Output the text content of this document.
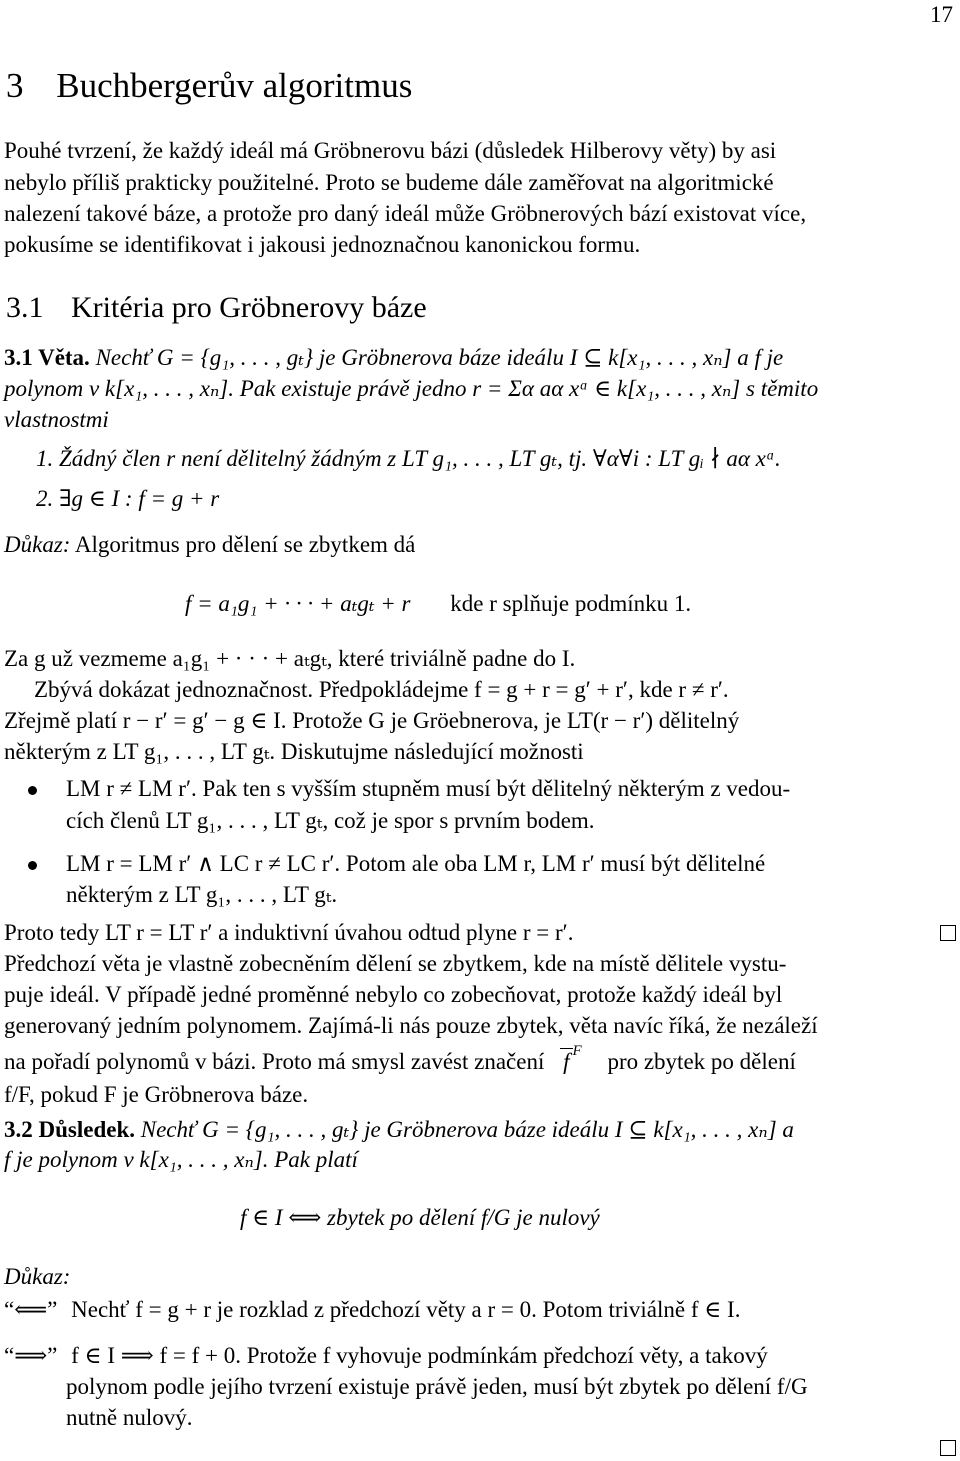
17
3 Buchbergerův algoritmus
Pouhé tvrzení, že každý ideál má Gröbnerovu bázi (důsledek Hilberovy věty) by asi
nebylo příliš prakticky použitelné. Proto se budeme dále zaměřovat na algoritmické
nalezení takové báze, a protože pro daný ideál může Gröbnerových bází existovat více,
pokusíme se identifikovat i jakousi jednoznačnou kanonickou formu.
3.1 Kritéria pro Gröbnerovy báze
3.1 Věta. Nechť G = {g₁, . . . , gₜ} je Gröbnerova báze ideálu I ⊆ k[x₁, . . . , xₙ] a f je
polynom v k[x₁, . . . , xₙ]. Pak existuje právě jedno r = Σα aα xᵅ ∈ k[x₁, . . . , xₙ] s těmito
vlastnostmi
1. Žádný člen r není dělitelný žádným z LT g₁, . . . , LT gₜ, tj. ∀α∀i : LT gᵢ ∤ aα xᵅ.
2. ∃g ∈ I : f = g + r
Důkaz: Algoritmus pro dělení se zbytkem dá
f = a₁g₁ + · · · + aₜgₜ + r kde r splňuje podmínku 1.
Za g už vezmeme a₁g₁ + · · · + aₜgₜ, které triviálně padne do I.
Zbývá dokázat jednoznačnost. Předpokládejme f = g + r = g′ + r′, kde r ≠ r′.
Zřejmě platí r − r′ = g′ − g ∈ I. Protože G je Gröebnerova, je LT(r − r′) dělitelný
některým z LT g₁, . . . , LT gₜ. Diskutujme následující možnosti
LM r ≠ LM r′. Pak ten s vyšším stupněm musí být dělitelný některým z vedou-
cích členů LT g₁, . . . , LT gₜ, což je spor s prvním bodem.
LM r = LM r′ ∧ LC r ≠ LC r′. Potom ale oba LM r, LM r′ musí být dělitelné
některým z LT g₁, . . . , LT gₜ.
Proto tedy LT r = LT r′ a induktivní úvahou odtud plyne r = r′.
Předchozí věta je vlastně zobecněním dělení se zbytkem, kde na místě dělitele vystu-
puje ideál. V případě jedné proměnné nebylo co zobecňovat, protože každý ideál byl
generovaný jedním polynomem. Zajímá-li nás pouze zbytek, věta navíc říká, že nezáleží
na pořadí polynomů v bázi. Proto má smysl zavést značení f $^F$ pro zbytek po dělení
f/F, pokud F je Gröbnerova báze.
3.2 Důsledek. Nechť G = {g₁, . . . , gₜ} je Gröbnerova báze ideálu I ⊆ k[x₁, . . . , xₙ] a
f je polynom v k[x₁, . . . , xₙ]. Pak platí
f ∈ I ⟺ zbytek po dělení f/G je nulový
Důkaz:
“⟸” Nechť f = g + r je rozklad z předchozí věty a r = 0. Potom triviálně f ∈ I.
“⟹” f ∈ I ⟹ f = f + 0. Protože f vyhovuje podmínkám předchozí věty, a takový
polynom podle jejího tvrzení existuje právě jeden, musí být zbytek po dělení f/G
nutně nulový.
